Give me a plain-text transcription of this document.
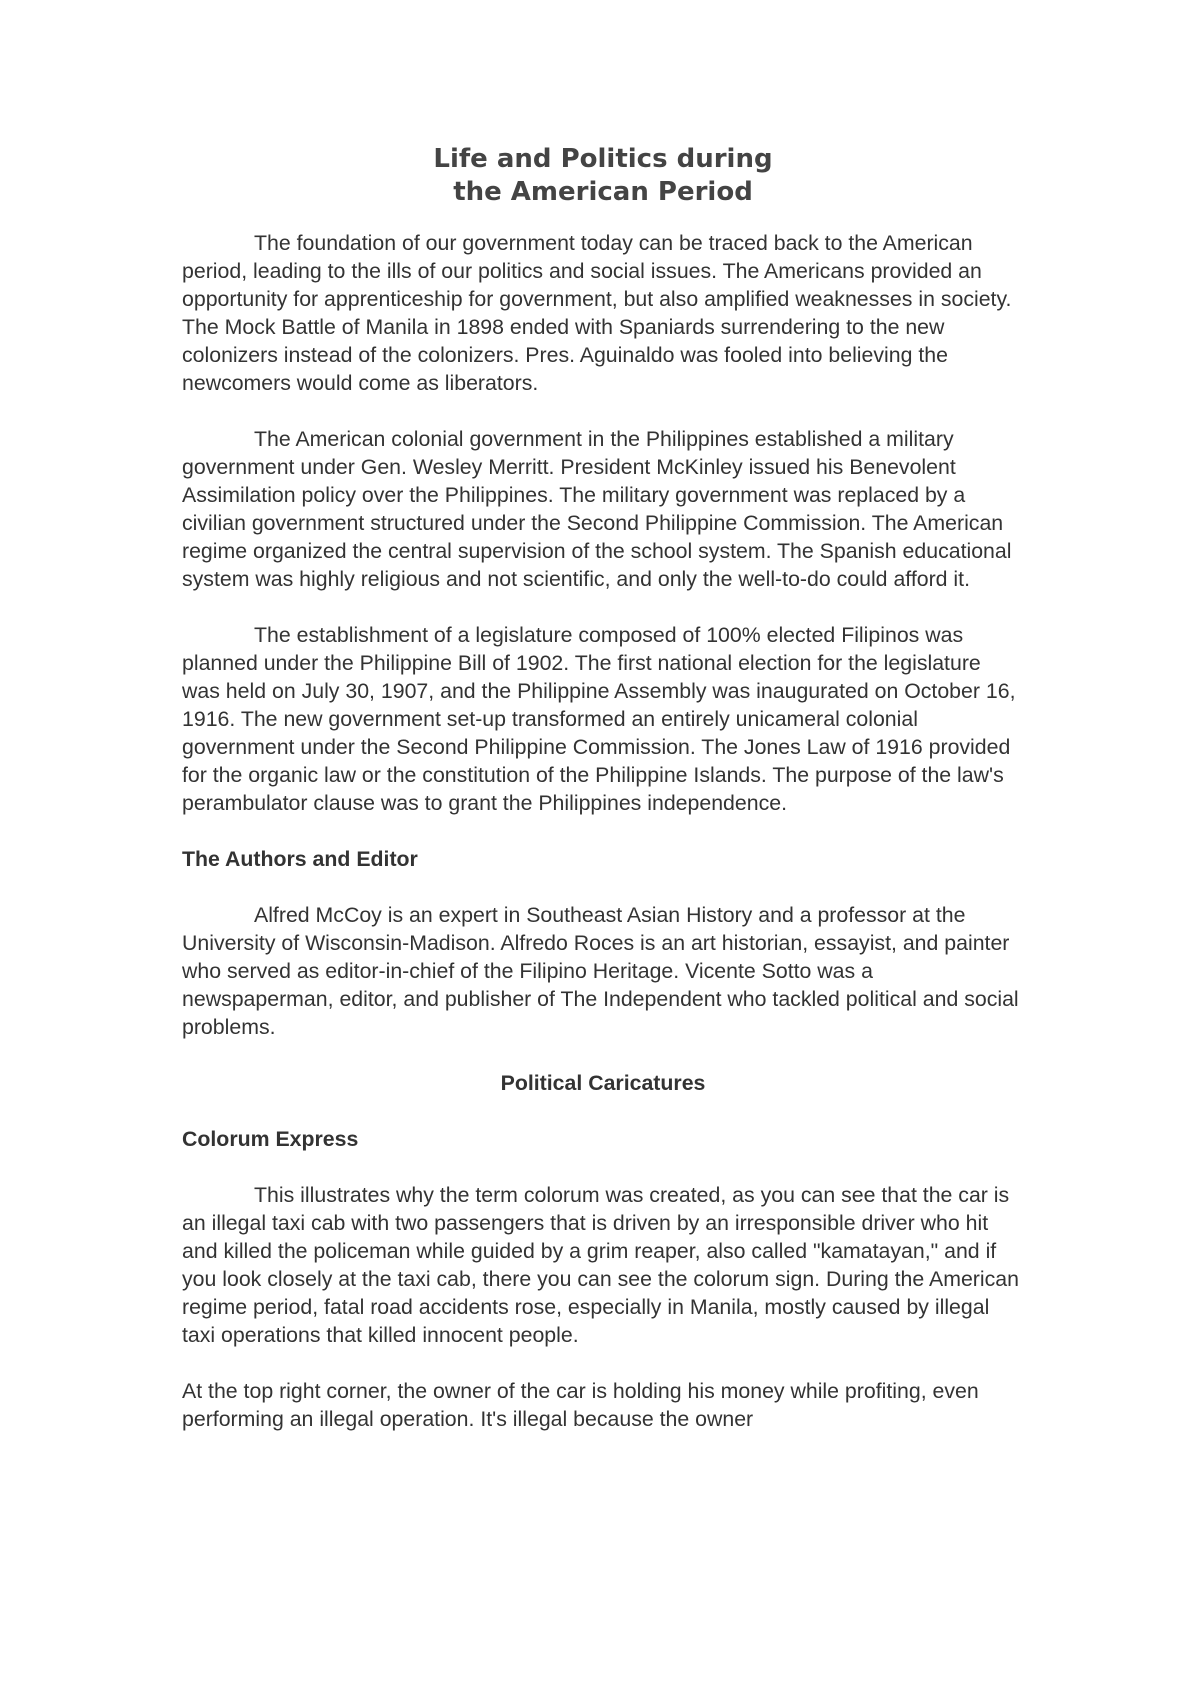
Life and Politics during
the American Period

The foundation of our government today can be traced back to the American period, leading to the ills of our politics and social issues. The Americans provided an opportunity for apprenticeship for government, but also amplified weaknesses in society. The Mock Battle of Manila in 1898 ended with Spaniards surrendering to the new colonizers instead of the colonizers. Pres. Aguinaldo was fooled into believing the newcomers would come as liberators.

The American colonial government in the Philippines established a military government under Gen. Wesley Merritt. President McKinley issued his Benevolent Assimilation policy over the Philippines. The military government was replaced by a civilian government structured under the Second Philippine Commission. The American regime organized the central supervision of the school system. The Spanish educational system was highly religious and not scientific, and only the well-to-do could afford it.

The establishment of a legislature composed of 100% elected Filipinos was planned under the Philippine Bill of 1902. The first national election for the legislature was held on July 30, 1907, and the Philippine Assembly was inaugurated on October 16, 1916. The new government set-up transformed an entirely unicameral colonial government under the Second Philippine Commission. The Jones Law of 1916 provided for the organic law or the constitution of the Philippine Islands. The purpose of the law's perambulator clause was to grant the Philippines independence.

The Authors and Editor

Alfred McCoy is an expert in Southeast Asian History and a professor at the University of Wisconsin-Madison. Alfredo Roces is an art historian, essayist, and painter who served as editor-in-chief of the Filipino Heritage. Vicente Sotto was a newspaperman, editor, and publisher of The Independent who tackled political and social problems.

Political Caricatures
Colorum Express

This illustrates why the term colorum was created, as you can see that the car is an illegal taxi cab with two passengers that is driven by an irresponsible driver who hit and killed the policeman while guided by a grim reaper, also called "kamatayan," and if you look closely at the taxi cab, there you can see the colorum sign. During the American regime period, fatal road accidents rose, especially in Manila, mostly caused by illegal taxi operations that killed innocent people.

At the top right corner, the owner of the car is holding his money while profiting, even performing an illegal operation. It's illegal because the owner
